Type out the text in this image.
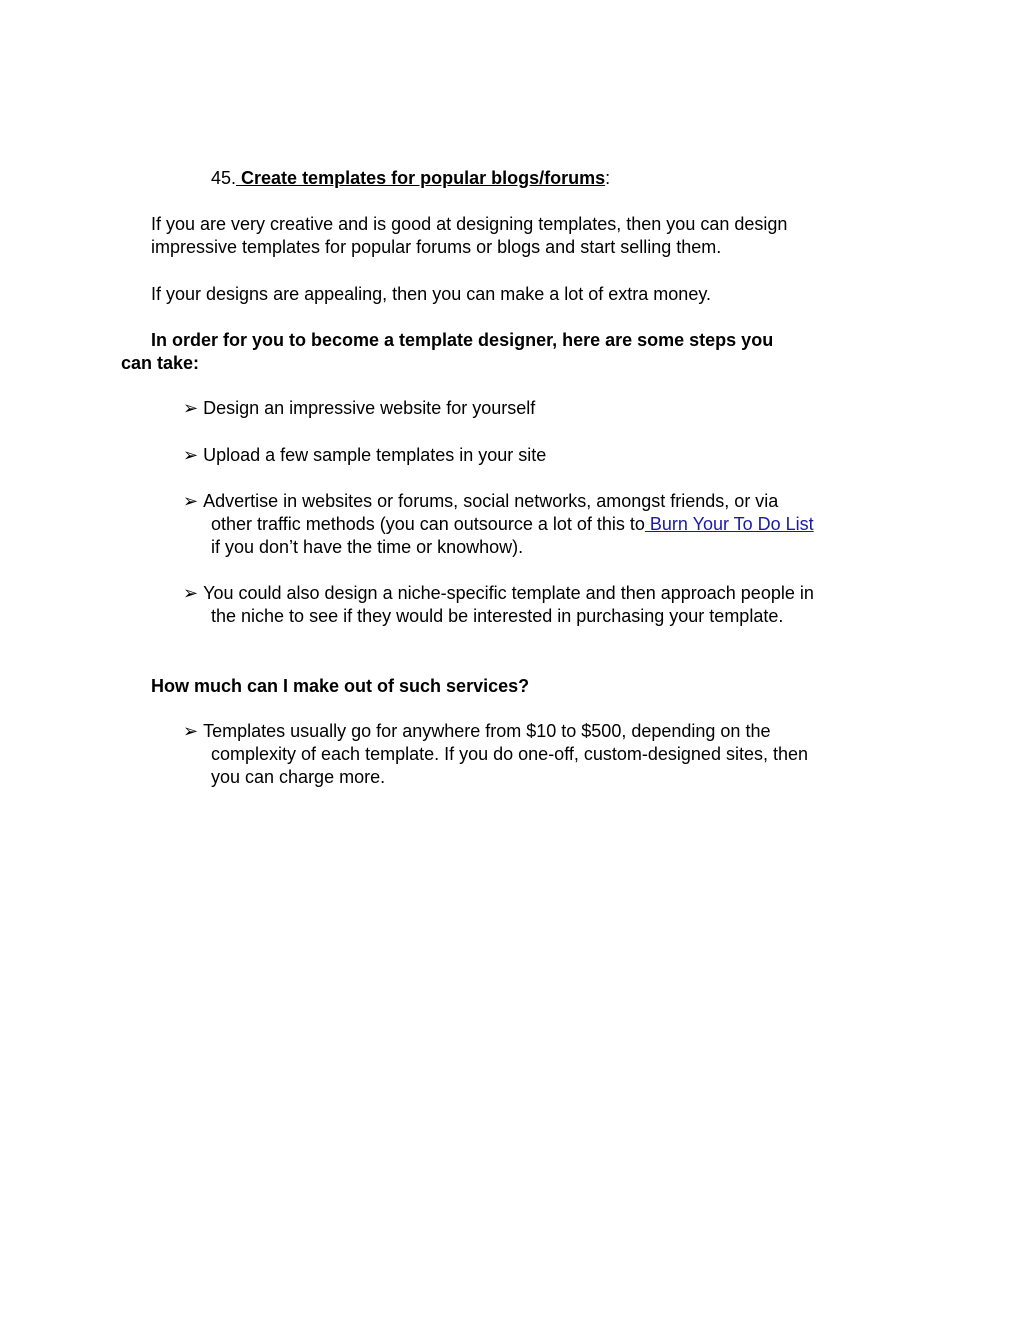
45. Create templates for popular blogs/forums:
If you are very creative and is good at designing templates, then you can design
impressive templates for popular forums or blogs and start selling them.
If your designs are appealing, then you can make a lot of extra money.
In order for you to become a template designer, here are some steps you
can take:
➢ Design an impressive website for yourself
➢ Upload a few sample templates in your site
➢ Advertise in websites or forums, social networks, amongst friends, or via
other traffic methods (you can outsource a lot of this to Burn Your To Do List
if you don’t have the time or knowhow).
➢ You could also design a niche-specific template and then approach people in
the niche to see if they would be interested in purchasing your template.
How much can I make out of such services?
➢ Templates usually go for anywhere from $10 to $500, depending on the
complexity of each template. If you do one-off, custom-designed sites, then
you can charge more.
